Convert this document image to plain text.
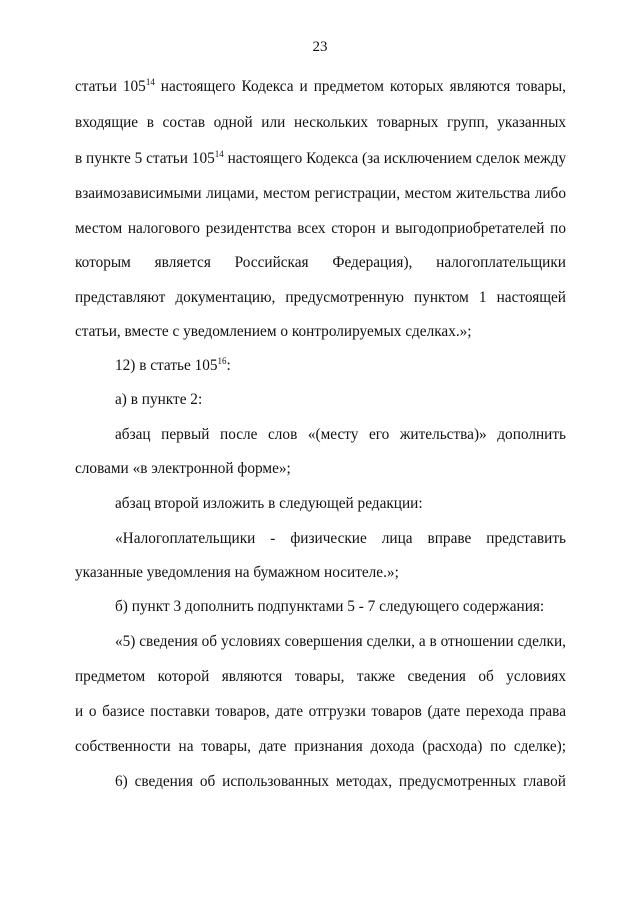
23
статьи $105^{14}$ настоящего Кодекса и предметом которых являются товары,
входящие в состав одной или нескольких товарных групп, указанных
в пункте 5 статьи $105^{14}$ настоящего Кодекса (за исключением сделок между
взаимозависимыми лицами, местом регистрации, местом жительства либо
местом налогового резидентства всех сторон и выгодоприобретателей по
которым является Российская Федерация), налогоплательщики
представляют документацию, предусмотренную пунктом 1 настоящей
статьи, вместе с уведомлением о контролируемых сделках.»;
12) в статье $105^{16}$:
а) в пункте 2:
абзац первый после слов «(месту его жительства)» дополнить
словами «в электронной форме»;
абзац второй изложить в следующей редакции:
«Налогоплательщики - физические лица вправе представить
указанные уведомления на бумажном носителе.»;
б) пункт 3 дополнить подпунктами 5 - 7 следующего содержания:
«5) сведения об условиях совершения сделки, а в отношении сделки,
предметом которой являются товары, также сведения об условиях
и о базисе поставки товаров, дате отгрузки товаров (дате перехода права
собственности на товары, дате признания дохода (расхода) по сделке);
6) сведения об использованных методах, предусмотренных главой
